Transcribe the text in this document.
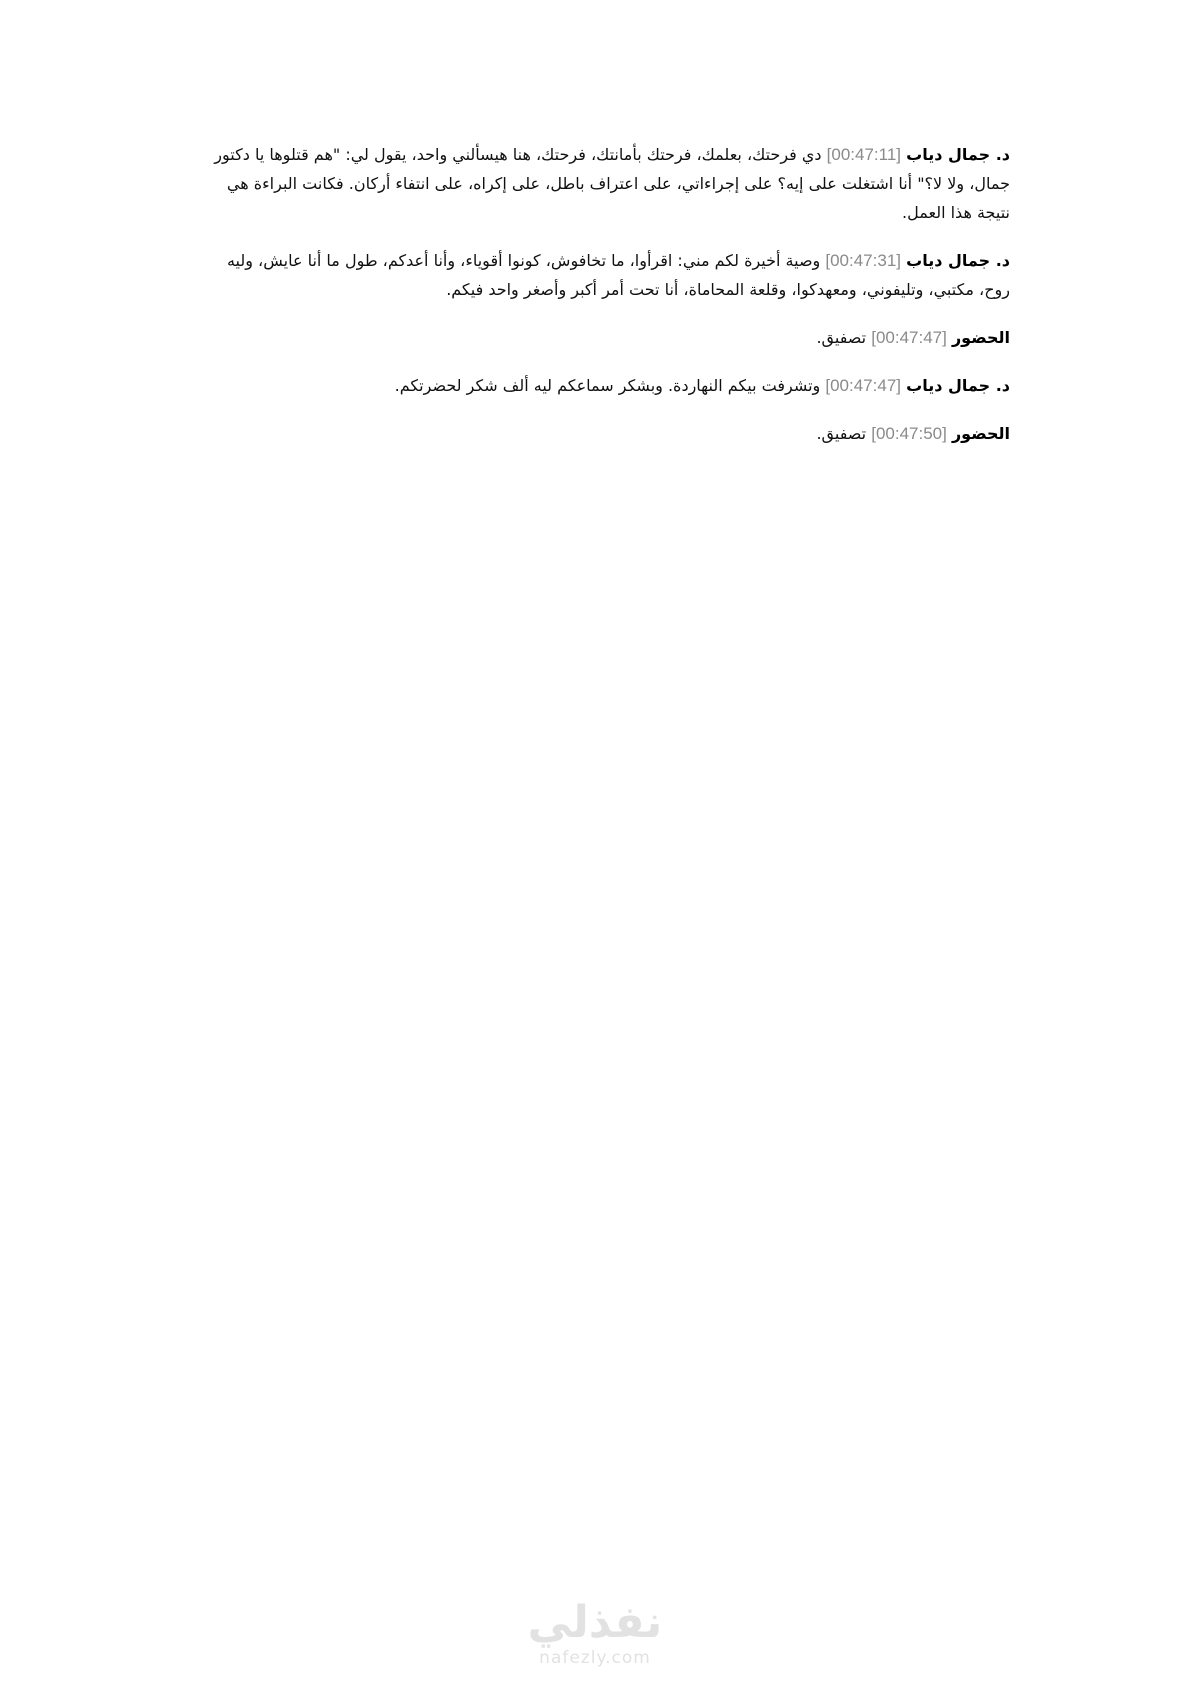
د. جمال دياب [00:47:11] دي فرحتك، بعلمك، فرحتك بأمانتك، فرحتك، هنا هيسألني واحد، يقول لي: "هم قتلوها يا دكتور جمال، ولا لا؟" أنا اشتغلت على إيه؟ على إجراءاتي، على اعتراف باطل، على إكراه، على انتفاء أركان. فكانت البراءة هي نتيجة هذا العمل.

د. جمال دياب [00:47:31] وصية أخيرة لكم مني: اقرأوا، ما تخافوش، كونوا أقوياء، وأنا أعدكم، طول ما أنا عايش، وليه روح، مكتبي، وتليفوني، ومعهدكوا، وقلعة المحاماة، أنا تحت أمر أكبر وأصغر واحد فيكم.

الحضور [00:47:47] تصفيق.

د. جمال دياب [00:47:47] وتشرفت بيكم النهاردة. وبشكر سماعكم ليه ألف شكر لحضرتكم.

الحضور [00:47:50] تصفيق.

نفذلي
nafezly.com
